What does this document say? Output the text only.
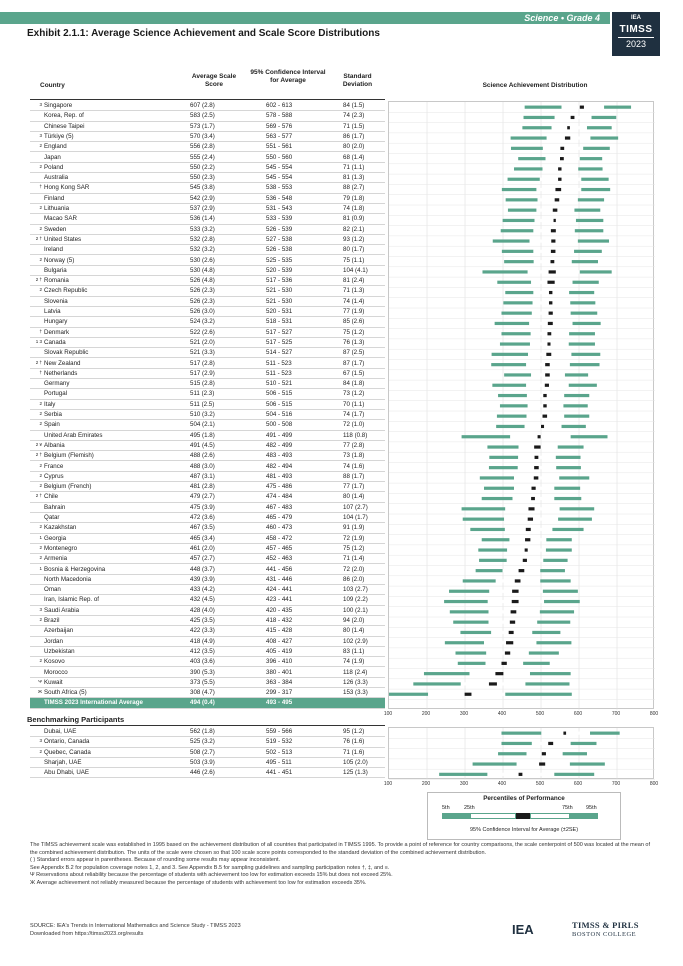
Science • Grade 4	IEA
TIMSS
2023
Exhibit 2.1.1: Average Science Achievement and Scale Score Distributions
Country
Average Scale Score
95% Confidence Interval for Average
Standard Deviation	Science Achievement Distribution
3 Singapore	607 (2.8)	602 - 613	84 (1.5)
Korea, Rep. of	583 (2.5)	578 - 588	74 (2.3)
Chinese Taipei	573 (1.7)	569 - 576	71 (1.5)
3 Türkiye (5)	570 (3.4)	563 - 577	86 (1.7)
2 England	556 (2.8)	551 - 561	80 (2.0)
Japan	555 (2.4)	550 - 560	68 (1.4)
2 Poland	550 (2.2)	545 - 554	71 (1.1)
Australia	550 (2.3)	545 - 554	81 (1.3)
† Hong Kong SAR	545 (3.8)	538 - 553	88 (2.7)
Finland	542 (2.9)	536 - 548	79 (1.8)
2 Lithuania	537 (2.9)	531 - 543	74 (1.8)
Macao SAR	536 (1.4)	533 - 539	81 (0.9)
2 Sweden	533 (3.2)	526 - 539	82 (2.1)
2 † United States	532 (2.8)	527 - 538	93 (1.2)
Ireland	532 (3.2)	526 - 538	80 (1.7)
2 Norway (5)	530 (2.6)	525 - 535	75 (1.1)
Bulgaria	530 (4.8)	520 - 539	104 (4.1)
2 † Romania	526 (4.8)	517 - 536	81 (2.4)
2 Czech Republic	526 (2.3)	521 - 530	71 (1.3)
Slovenia	526 (2.3)	521 - 530	74 (1.4)
Latvia	526 (3.0)	520 - 531	77 (1.9)
Hungary	524 (3.2)	518 - 531	85 (2.6)
† Denmark	522 (2.6)	517 - 527	75 (1.2)
1 3 Canada	521 (2.0)	517 - 525	76 (1.3)
Slovak Republic	521 (3.3)	514 - 527	87 (2.5)
2 † New Zealand	517 (2.8)	511 - 523	87 (1.7)
† Netherlands	517 (2.9)	511 - 523	67 (1.5)
Germany	515 (2.8)	510 - 521	84 (1.8)
Portugal	511 (2.3)	506 - 515	73 (1.2)
2 Italy	511 (2.5)	506 - 515	70 (1.1)
2 Serbia	510 (3.2)	504 - 516	74 (1.7)
2 Spain	504 (2.1)	500 - 508	72 (1.0)
United Arab Emirates	495 (1.8)	491 - 499	118 (0.8)
2 ¥ Albania	491 (4.5)	482 - 499	77 (2.8)
2 † Belgium (Flemish)	488 (2.6)	483 - 493	73 (1.8)
2 France	488 (3.0)	482 - 494	74 (1.6)
2 Cyprus	487 (3.1)	481 - 493	88 (1.7)
2 Belgium (French)	481 (2.8)	475 - 486	77 (1.7)
2 † Chile	479 (2.7)	474 - 484	80 (1.4)
Bahrain	475 (3.9)	467 - 483	107 (2.7)
Qatar	472 (3.6)	465 - 479	104 (1.7)
2 Kazakhstan	467 (3.5)	460 - 473	91 (1.9)
1 Georgia	465 (3.4)	458 - 472	72 (1.9)
2 Montenegro	461 (2.0)	457 - 465	75 (1.2)
2 Armenia	457 (2.7)	452 - 463	71 (1.4)
1 Bosnia & Herzegovina	448 (3.7)	441 - 456	72 (2.0)
North Macedonia	439 (3.9)	431 - 446	86 (2.0)
Oman	433 (4.2)	424 - 441	103 (2.7)
Iran, Islamic Rep. of	432 (4.5)	423 - 441	109 (2.2)
3 Saudi Arabia	428 (4.0)	420 - 435	100 (2.1)
2 Brazil	425 (3.5)	418 - 432	94 (2.0)
Azerbaijan	422 (3.3)	415 - 428	80 (1.4)
Jordan	418 (4.9)	408 - 427	102 (2.9)
Uzbekistan	412 (3.5)	405 - 419	83 (1.1)
2 Kosovo	403 (3.6)	396 - 410	74 (1.9)
Morocco	390 (5.3)	380 - 401	118 (2.4)
Ψ Kuwait	373 (5.5)	363 - 384	126 (3.3)
Ж South Africa (5)	308 (4.7)	299 - 317	153 (3.3)
TIMSS 2023 International Average	494 (0.4)	493 - 495
100	200	300	400	500	600	700	800
Benchmarking Participants
Dubai, UAE	562 (1.8)	559 - 566	95 (1.2)
3 Ontario, Canada	525 (3.2)	519 - 532	76 (1.6)
2 Quebec, Canada	508 (2.7)	502 - 513	71 (1.6)
Sharjah, UAE	503 (3.9)	495 - 511	105 (2.0)
Abu Dhabi, UAE	446 (2.6)	441 - 451	125 (1.3)
100	200	300	400	500	600	700	800
Percentiles of Performance
5th	25th	75th 95th
95% Confidence Interval for Average (±2SE)
The TIMSS achievement scale was established in 1995 based on the achievement distribution of all countries that participated in TIMSS 1995. To provide a point of reference for country comparisons, the scale centerpoint of 500 was located at the mean of the combined achievement distribution. The units of the scale were chosen so that 100 scale score points corresponded to the standard deviation of the combined achievement distribution.
( ) Standard errors appear in parentheses. Because of rounding some results may appear inconsistent.
See Appendix B.2 for population coverage notes 1, 2, and 3. See Appendix B.5 for sampling guidelines and sampling participation notes †, ‡, and ≡.
Ψ Reservations about reliability because the percentage of students with achievement too low for estimation exceeds 15% but does not exceed 25%.
Ж Average achievement not reliably measured because the percentage of students with achievement too low for estimation exceeds 35%.
SOURCE: IEA's Trends in International Mathematics and Science Study - TIMSS 2023
Downloaded from https://timss2023.org/results	IEA	TIMSS & PIRLS
BOSTON COLLEGE
